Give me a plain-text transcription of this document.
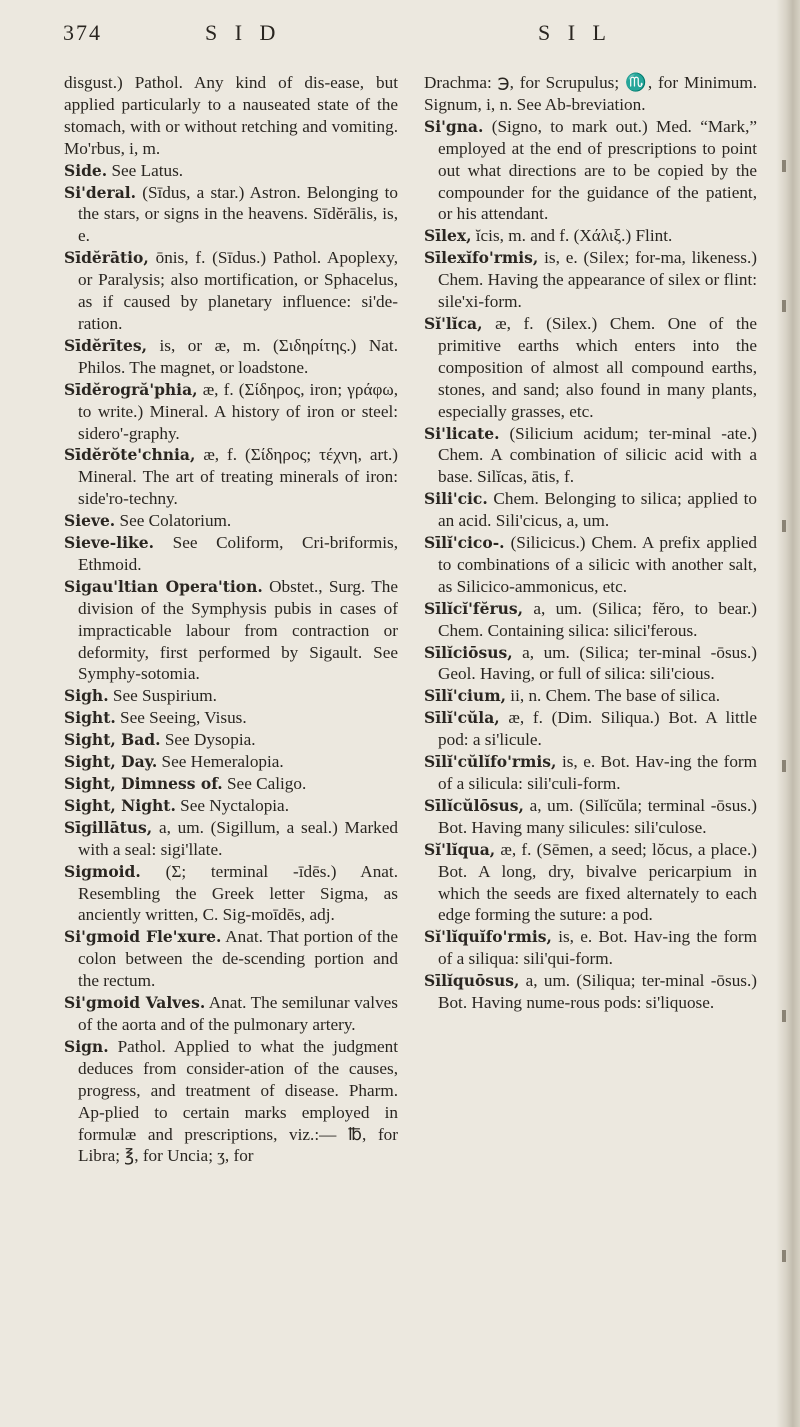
374	S I D	S I L

disgust.) Pathol. Any kind of dis-ease, but applied particularly to a nauseated state of the stomach, with or without retching and vomiting. Mo'rbus, i, m.

Side. See Latus.

Si'deral. (Sīdus, a star.) Astron. Belonging to the stars, or signs in the heavens. Sīdĕrālis, is, e.

Sīdĕrātio, ōnis, f. (Sīdus.) Pathol. Apoplexy, or Paralysis; also mortification, or Sphacelus, as if caused by planetary influence: si'de-ration.

Sīdĕrītes, is, or æ, m. (Σιδηρίτης.) Nat. Philos. The magnet, or loadstone.

Sīdĕrogră'phia, æ, f. (Σίδηρος, iron; γράφω, to write.) Mineral. A history of iron or steel: sidero'-graphy.

Sīdĕrŏte'chnia, æ, f. (Σίδηρος; τέχνη, art.) Mineral. The art of treating minerals of iron: side'ro-techny.

Sieve. See Colatorium.

Sieve-like. See Coliform, Cri-briformis, Ethmoid.

Sigau'ltian Opera'tion. Obstet., Surg. The division of the Symphysis pubis in cases of impracticable labour from contraction or deformity, first performed by Sigault. See Symphy-sotomia.

Sigh. See Suspirium.

Sight. See Seeing, Visus.

Sight, Bad. See Dysopia.

Sight, Day. See Hemeralopia.

Sight, Dimness of. See Caligo.

Sight, Night. See Nyctalopia.

Sīgillātus, a, um. (Sigillum, a seal.) Marked with a seal: sigi'llate.

Sigmoid. (Σ; terminal -īdēs.) Anat. Resembling the Greek letter Sigma, as anciently written, C. Sig-moīdēs, adj.

Si'gmoid Fle'xure. Anat. That portion of the colon between the de-scending portion and the rectum.

Si'gmoid Valves. Anat. The semilunar valves of the aorta and of the pulmonary artery.

Sign. Pathol. Applied to what the judgment deduces from consider-ation of the causes, progress, and treatment of disease. Pharm. Ap-plied to certain marks employed in formulæ and prescriptions, viz.:— ℔, for Libra; ℥, for Uncia; ʒ, for

Drachma: ℈, for Scrupulus; ♏, for Minimum. Signum, i, n. See Ab-breviation.

Si'gna. (Signo, to mark out.) Med. “Mark,” employed at the end of prescriptions to point out what directions are to be copied by the compounder for the guidance of the patient, or his attendant.

Sīlex, ĭcis, m. and f. (Χάλιξ.) Flint.

Sīlexĭfo'rmis, is, e. (Silex; for-ma, likeness.) Chem. Having the appearance of silex or flint: sile'xi-form.

Sĭ'lĭca, æ, f. (Silex.) Chem. One of the primitive earths which enters into the composition of almost all compound earths, stones, and sand; also found in many plants, especially grasses, etc.

Si'licate. (Silicium acidum; ter-minal -ate.) Chem. A combination of silicic acid with a base. Silĭcas, ātis, f.

Sili'cic. Chem. Belonging to silica; applied to an acid. Sili'cicus, a, um.

Sīlĭ'cico-. (Silicicus.) Chem. A prefix applied to combinations of a silicic with another salt, as Silicico-ammonicus, etc.

Sīlĭcĭ'fĕrus, a, um. (Silica; fĕro, to bear.) Chem. Containing silica: silici'ferous.

Sīlĭciōsus, a, um. (Silica; ter-minal -ōsus.) Geol. Having, or full of silica: sili'cious.

Sīlĭ'cium, ii, n. Chem. The base of silica.

Sīlĭ'cŭla, æ, f. (Dim. Siliqua.) Bot. A little pod: a si'licule.

Sīlĭ'cŭlĭfo'rmis, is, e. Bot. Hav-ing the form of a silicula: sili'culi-form.

Sīlĭcŭlōsus, a, um. (Silĭcŭla; terminal -ōsus.) Bot. Having many silicules: sili'culose.

Sĭ'lĭqua, æ, f. (Sēmen, a seed; lŏcus, a place.) Bot. A long, dry, bivalve pericarpium in which the seeds are fixed alternately to each edge forming the suture: a pod.

Sĭ'lĭquĭfo'rmis, is, e. Bot. Hav-ing the form of a siliqua: sili'qui-form.

Sīlĭquōsus, a, um. (Siliqua; ter-minal -ōsus.) Bot. Having nume-rous pods: si'liquose.
